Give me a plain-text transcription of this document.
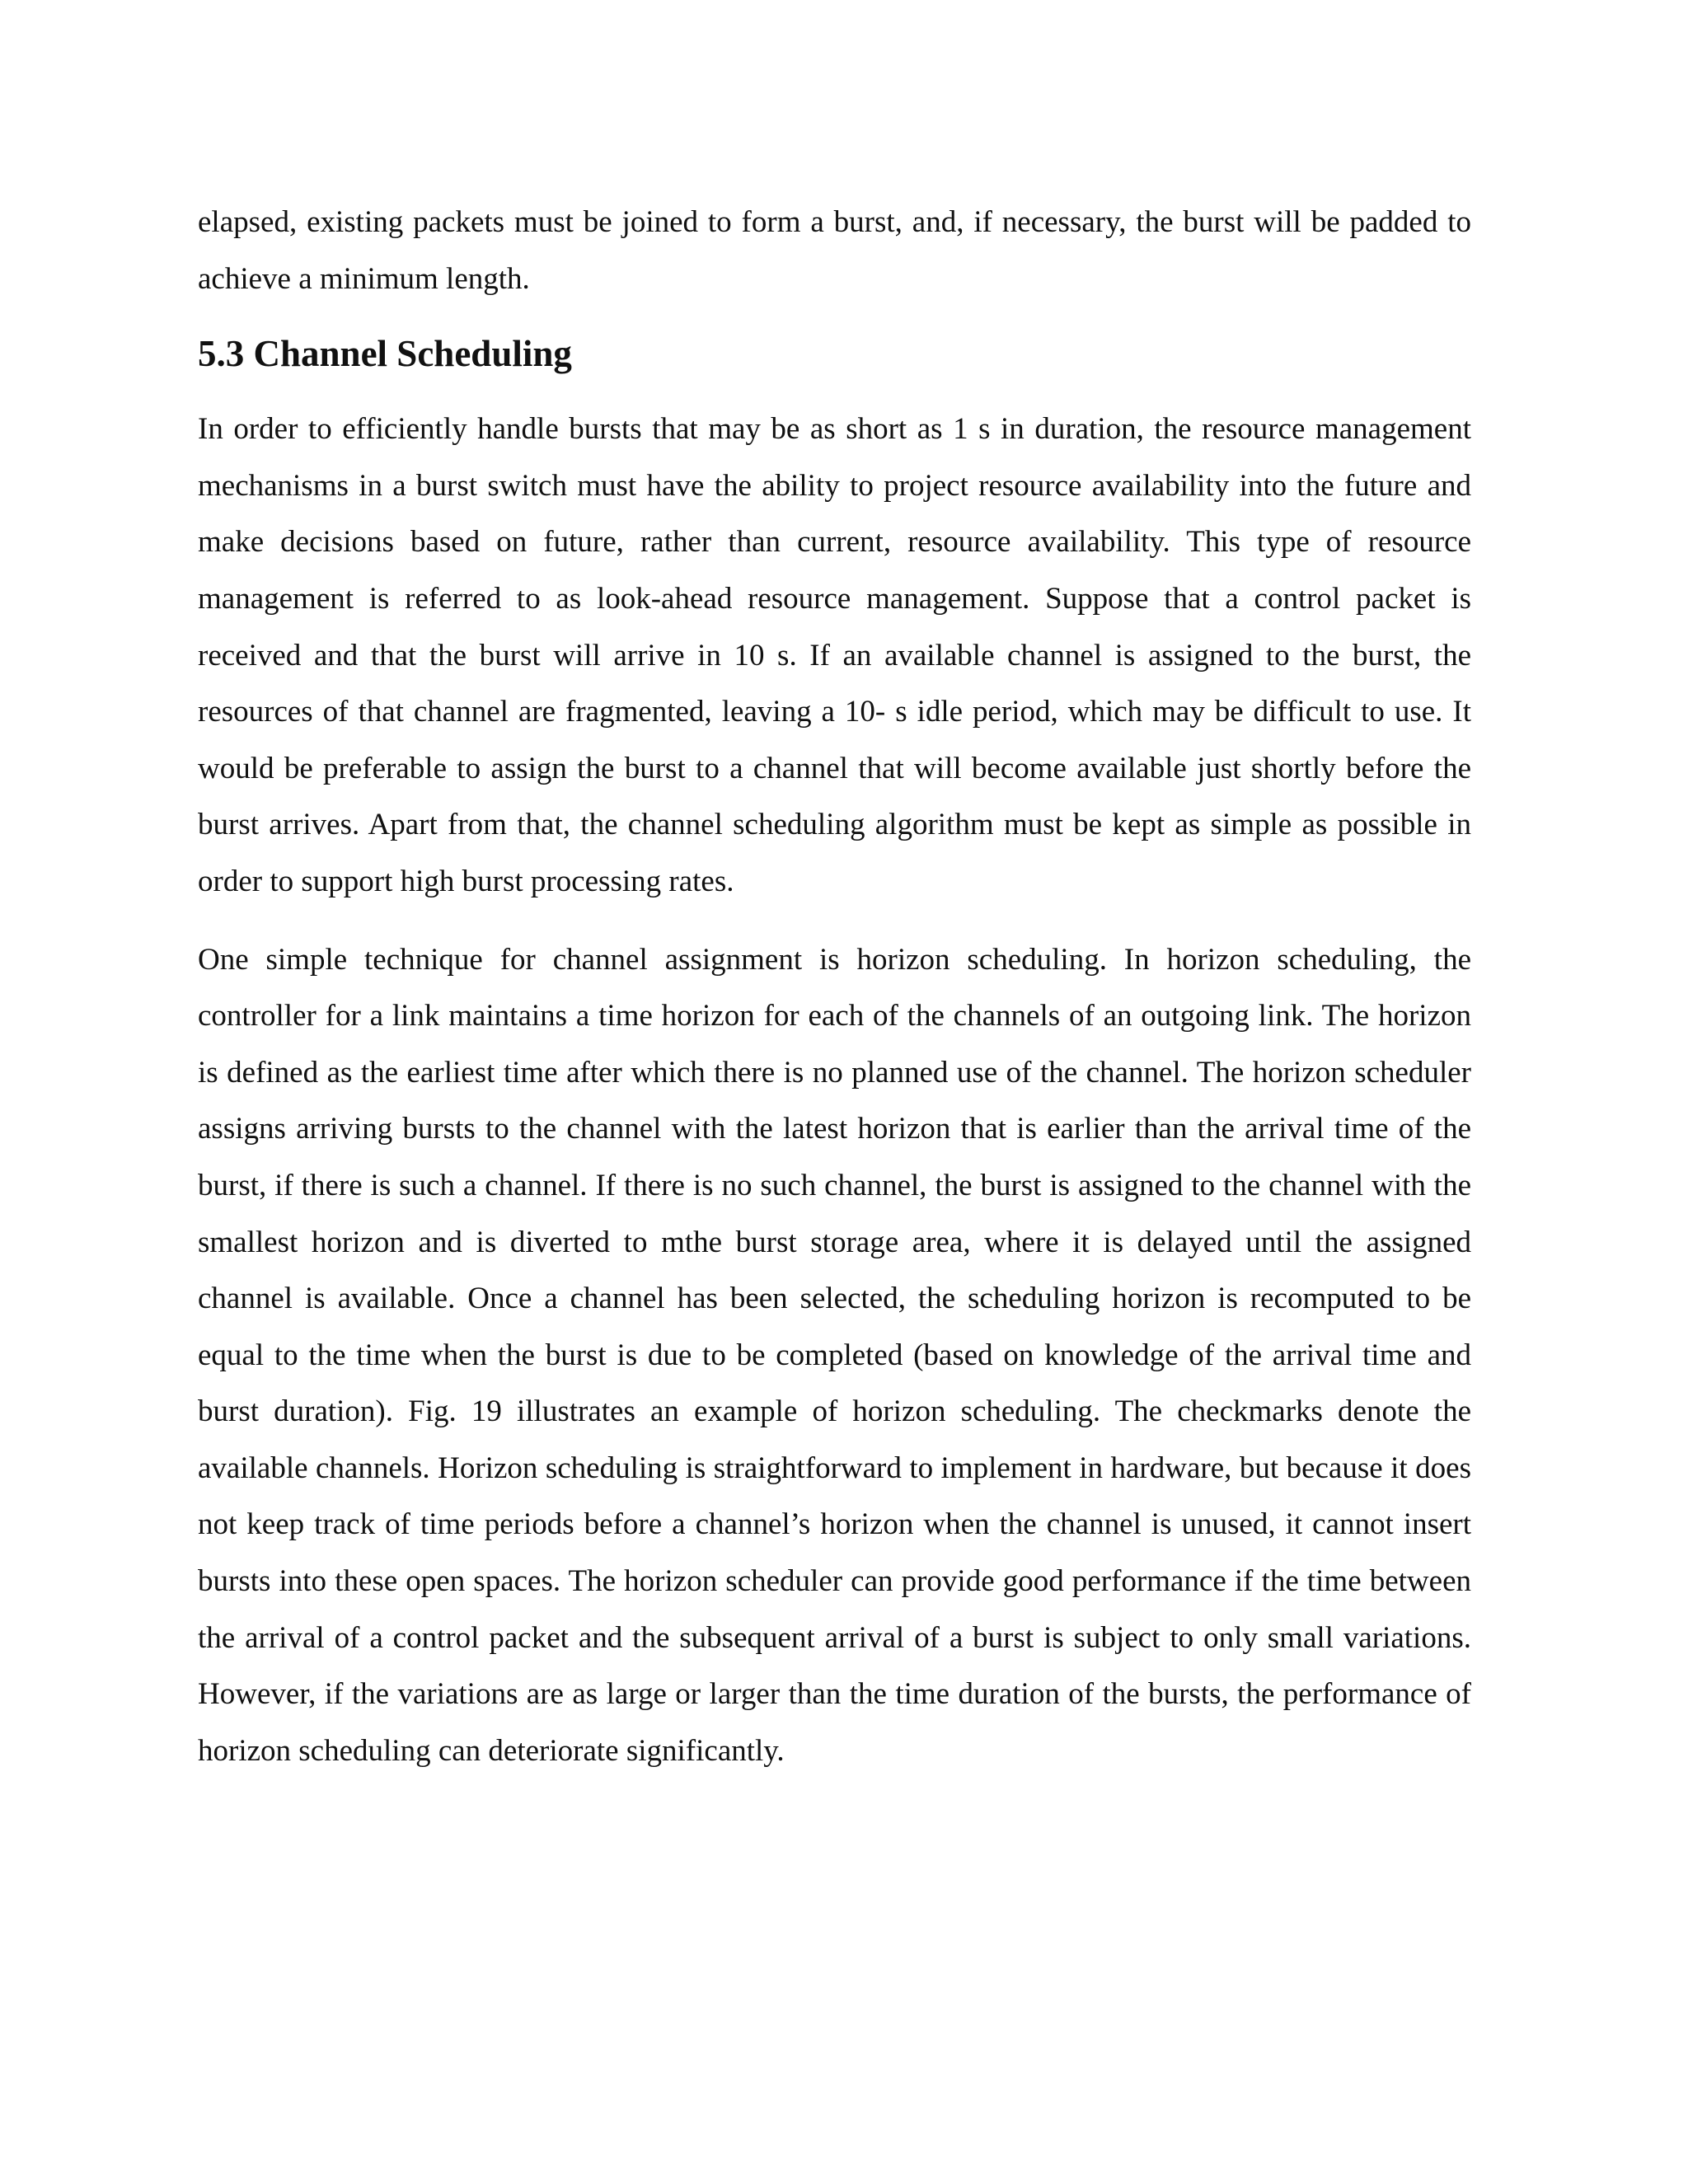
elapsed, existing packets must be joined to form a burst, and, if necessary, the burst will be padded to achieve a minimum length.

5.3 Channel Scheduling

In order to efficiently handle bursts that may be as short as 1 s in duration, the resource management mechanisms in a burst switch must have the ability to project resource availability into the future and make decisions based on future, rather than current, resource availability. This type of resource management is referred to as look-ahead resource management. Suppose that a control packet is received and that the burst will arrive in 10 s. If an available channel is assigned to the burst, the resources of that channel are fragmented, leaving a 10- s idle period, which may be difficult to use. It would be preferable to assign the burst to a channel that will become available just shortly before the burst arrives. Apart from that, the channel scheduling algorithm must be kept as simple as possible in order to support high burst processing rates.

One simple technique for channel assignment is horizon scheduling. In horizon scheduling, the controller for a link maintains a time horizon for each of the channels of an outgoing link. The horizon is defined as the earliest time after which there is no planned use of the channel. The horizon scheduler assigns arriving bursts to the channel with the latest horizon that is earlier than the arrival time of the burst, if there is such a channel. If there is no such channel, the burst is assigned to the channel with the smallest horizon and is diverted to mthe burst storage area, where it is delayed until the assigned channel is available. Once a channel has been selected, the scheduling horizon is recomputed to be equal to the time when the burst is due to be completed (based on knowledge of the arrival time and burst duration). Fig. 19 illustrates an example of horizon scheduling. The checkmarks denote the available channels. Horizon scheduling is straightforward to implement in hardware, but because it does not keep track of time periods before a channel’s horizon when the channel is unused, it cannot insert bursts into these open spaces. The horizon scheduler can provide good performance if the time between the arrival of a control packet and the subsequent arrival of a burst is subject to only small variations. However, if the variations are as large or larger than the time duration of the bursts, the performance of horizon scheduling can deteriorate significantly.
